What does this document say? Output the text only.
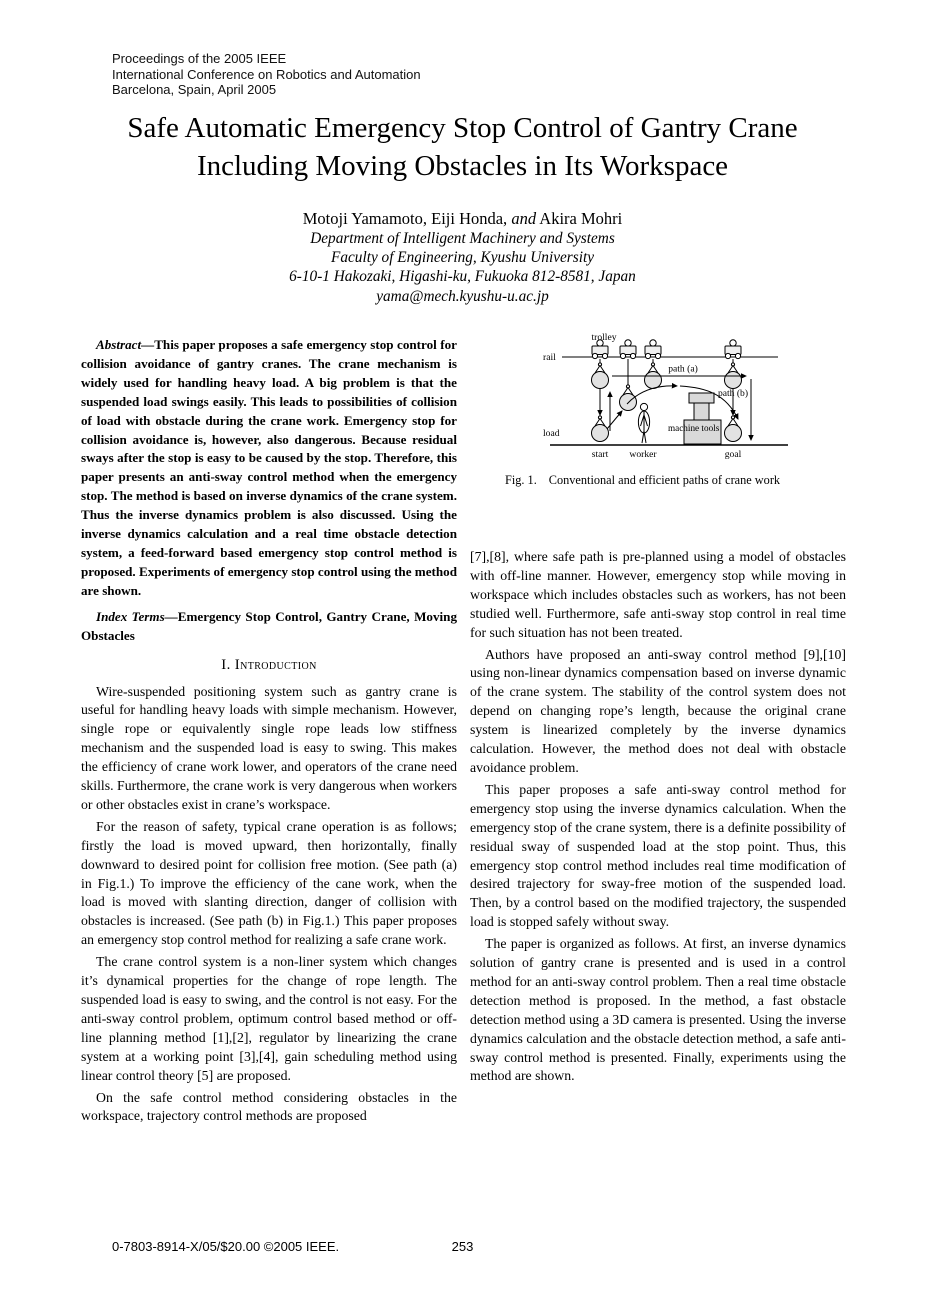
Proceedings of the 2005 IEEE
International Conference on Robotics and Automation
Barcelona, Spain, April 2005
Safe Automatic Emergency Stop Control of Gantry Crane
Including Moving Obstacles in Its Workspace
Motoji Yamamoto, Eiji Honda, and Akira Mohri
Department of Intelligent Machinery and Systems
Faculty of Engineering, Kyushu University
6-10-1 Hakozaki, Higashi-ku, Fukuoka 812-8581, Japan
yama@mech.kyushu-u.ac.jp

Abstract—This paper proposes a safe emergency stop control for collision avoidance of gantry cranes. The crane mechanism is widely used for handling heavy load. A big problem is that the suspended load swings easily. This leads to possibilities of collision of load with obstacle during the crane work. Emergency stop for collision avoidance is, however, also dangerous. Because residual sways after the stop is easy to be caused by the stop. Therefore, this paper presents an anti-sway control method when the emergency stop. The method is based on inverse dynamics of the crane system. Thus the inverse dynamics problem is also discussed. Using the inverse dynamics calculation and a real time obstacle detection system, a feed-forward based emergency stop control method is proposed. Experiments of emergency stop control using the method are shown.

Index Terms—Emergency Stop Control, Gantry Crane, Moving Obstacles

I. Introduction

Wire-suspended positioning system such as gantry crane is useful for handling heavy loads with simple mechanism. However, single rope or equivalently single rope leads low stiffness mechanism and the suspended load is easy to swing. This makes the efficiency of crane work lower, and operators of the crane need skills. Furthermore, the crane work is very dangerous when workers or other obstacles exist in crane’s workspace.

For the reason of safety, typical crane operation is as follows; firstly the load is moved upward, then horizontally, finally downward to desired point for collision free motion. (See path (a) in Fig.1.) To improve the efficiency of the cane work, when the load is moved with slanting direction, danger of collision with obstacles is increased. (See path (b) in Fig.1.) This paper proposes an emergency stop control method for realizing a safe crane work.

The crane control system is a non-liner system which changes it’s dynamical properties for the change of rope length. The suspended load is easy to swing, and the control is not easy. For the anti-sway control problem, optimum control based method or off-line planning method [1],[2], regulator by linearizing the crane system at a working point [3],[4], gain scheduling method using linear control theory [5] are proposed.

On the safe control method considering obstacles in the workspace, trajectory control methods are proposed

rail
trolley
path (a)
path (b)
load	machine tools
start worker	goal
Fig. 1. Conventional and efficient paths of crane work

[7],[8], where safe path is pre-planned using a model of obstacles with off-line manner. However, emergency stop while moving in workspace which includes obstacles such as workers, has not been studied well. Furthermore, safe anti-sway stop control in real time for such situation has not been treated.

Authors have proposed an anti-sway control method [9],[10] using non-linear dynamics compensation based on inverse dynamic of the crane system. The stability of the control system does not depend on changing rope’s length, because the original crane system is linearized completely by the inverse dynamics calculation. However, the method does not deal with obstacle avoidance problem.

This paper proposes a safe anti-sway control method for emergency stop using the inverse dynamics calculation. When the emergency stop of the crane system, there is a definite possibility of residual sway of suspended load at the stop point. Thus, this emergency stop control method includes real time modification of desired trajectory for sway-free motion of the suspended load. Then, by a control based on the modified trajectory, the suspended load is stopped safely without sway.

The paper is organized as follows. At first, an inverse dynamics solution of gantry crane is presented and is used in a control method for an anti-sway control problem. Then a real time obstacle detection method is proposed. In the method, a fast obstacle detection method using a 3D camera is presented. Using the inverse dynamics calculation and the obstacle detection method, a safe anti-sway control method is presented. Finally, experiments using the method are shown.

0-7803-8914-X/05/$20.00 ©2005 IEEE.	253
